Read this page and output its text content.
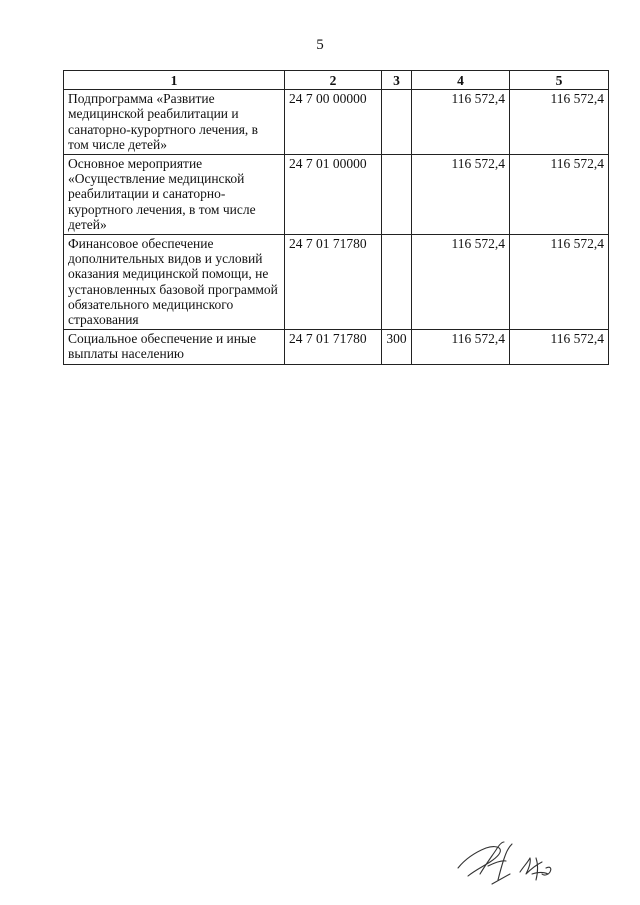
5
1	2	3	4	5
Подпрограмма «Развитие медицинской реабилитации и санаторно-курортного лечения, в том числе детей»	24 7 00 00000		116 572,4	116 572,4
Основное мероприятие «Осуществление медицинской реабилитации и санаторно-курортного лечения, в том числе детей»	24 7 01 00000		116 572,4	116 572,4
Финансовое обеспечение дополнительных видов и условий оказания медицинской помощи, не установленных базовой программой обязательного медицинского страхования	24 7 01 71780		116 572,4	116 572,4
Социальное обеспечение и иные выплаты населению	24 7 01 71780	300	116 572,4	116 572,4
